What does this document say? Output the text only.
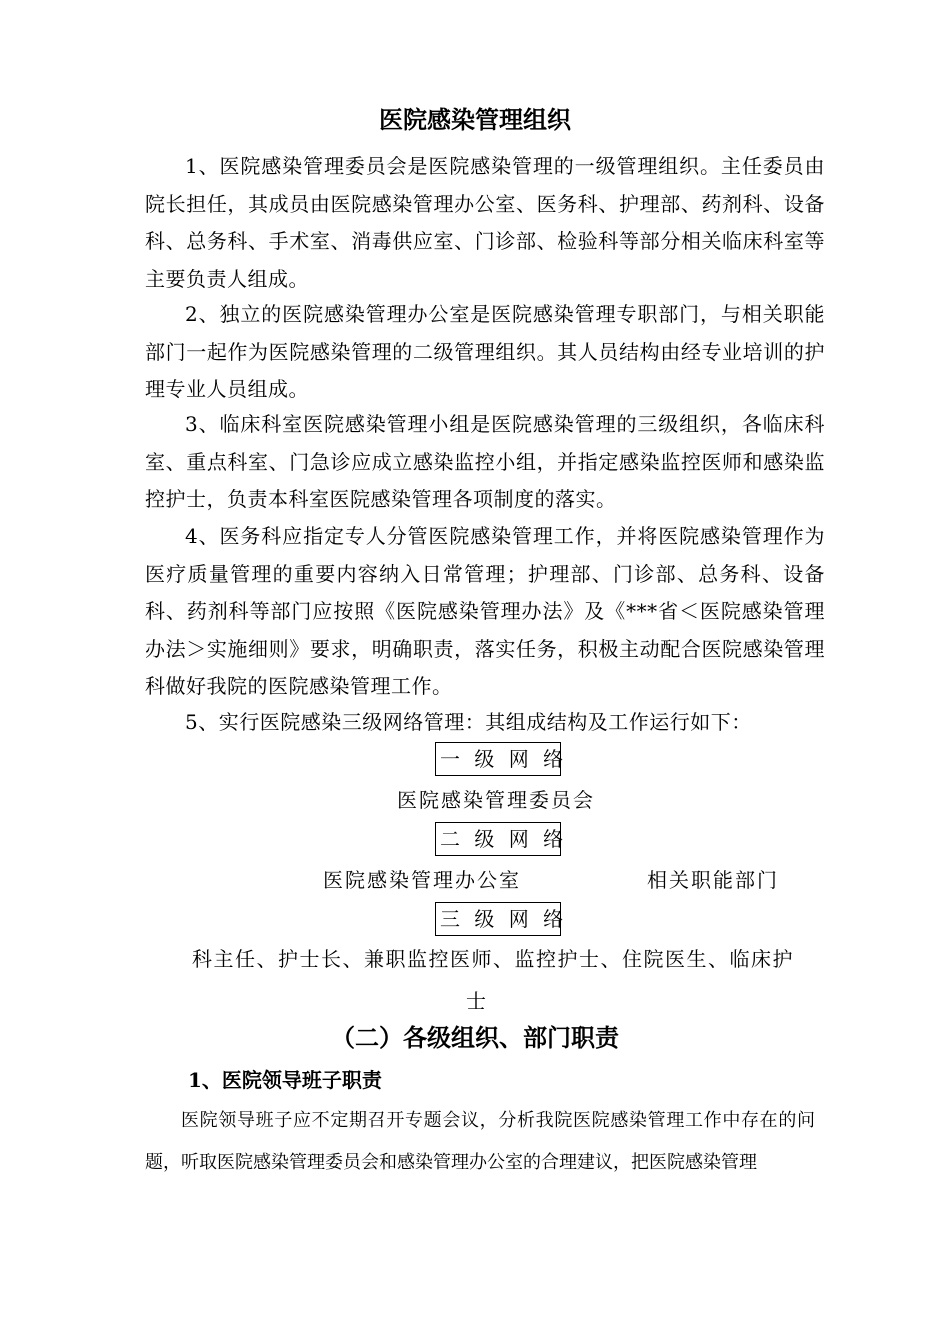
医院感染管理组织

1、医院感染管理委员会是医院感染管理的一级管理组织。主任委员由院长担任，其成员由医院感染管理办公室、医务科、护理部、药剂科、设备科、总务科、手术室、消毒供应室、门诊部、检验科等部分相关临床科室等主要负责人组成。

2、独立的医院感染管理办公室是医院感染管理专职部门，与相关职能部门一起作为医院感染管理的二级管理组织。其人员结构由经专业培训的护理专业人员组成。

3、临床科室医院感染管理小组是医院感染管理的三级组织，各临床科室、重点科室、门急诊应成立感染监控小组，并指定感染监控医师和感染监控护士，负责本科室医院感染管理各项制度的落实。

4、医务科应指定专人分管医院感染管理工作，并将医院感染管理作为医疗质量管理的重要内容纳入日常管理；护理部、门诊部、总务科、设备科、药剂科等部门应按照《医院感染管理办法》及《***省＜医院感染管理办法＞实施细则》要求，明确职责，落实任务，积极主动配合医院感染管理科做好我院的医院感染管理工作。

5、实行医院感染三级网络管理：其组成结构及工作运行如下：

一 级 网 络
医院感染管理委员会
二 级 网 络
医院感染管理办公室	相关职能部门
三 级 网 络
科主任、护士长、兼职监控医师、监控护士、住院医生、临床护
士
（二）各级组织、部门职责
1、医院领导班子职责

医院领导班子应不定期召开专题会议，分析我院医院感染管理工作中存在的问题，听取医院感染管理委员会和感染管理办公室的合理建议，把医院感染管理
